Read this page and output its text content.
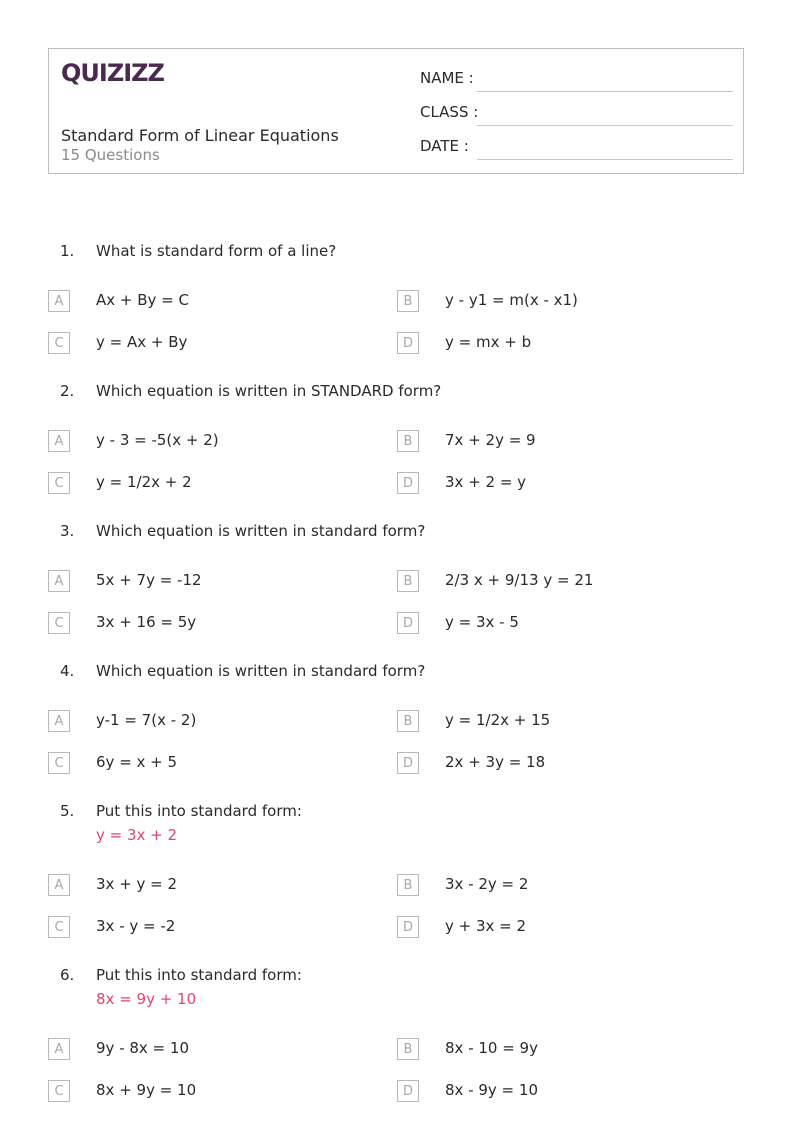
QUIZIZZ
Standard Form of Linear Equations
15 Questions
NAME :
CLASS :
DATE :
1. What is standard form of a line?
A	Ax + By = C	B	y - y1 = m(x - x1)
C	y = Ax + By	D	y = mx + b
2. Which equation is written in STANDARD form?
A	y - 3 = -5(x + 2)	B	7x + 2y = 9
C	y = 1/2x + 2	D	3x + 2 = y
3. Which equation is written in standard form?
A	5x + 7y = -12	B	2/3 x + 9/13 y = 21
C	3x + 16 = 5y	D	y = 3x - 5
4. Which equation is written in standard form?
A	y-1 = 7(x - 2)	B	y = 1/2x + 15
C	6y = x + 5	D	2x + 3y = 18
5. Put this into standard form:
y = 3x + 2
A	3x + y = 2	B	3x - 2y = 2
C	3x - y = -2	D	y + 3x = 2
6. Put this into standard form:
8x = 9y + 10
A	9y - 8x = 10	B	8x - 10 = 9y
C	8x + 9y = 10	D	8x - 9y = 10
